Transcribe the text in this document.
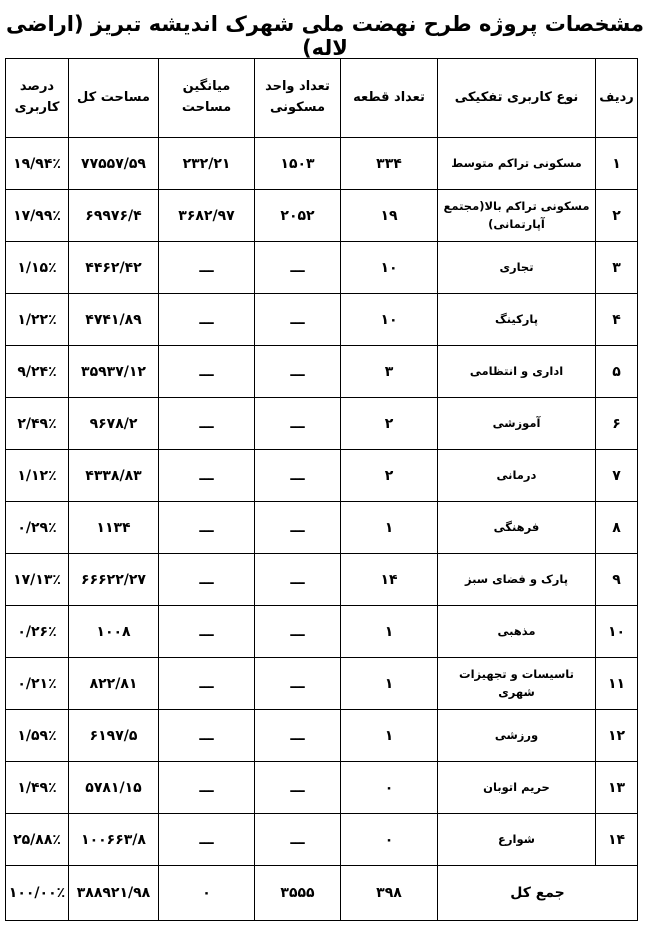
مشخصات پروژه طرح نهضت ملی شهرک اندیشه تبریز (اراضی لاله)
ردیف	نوع کاربری تفکیکی	تعداد قطعه	تعداد واحد مسکونی	میانگین مساحت	مساحت کل	درصد کاربری
۱	مسکونی تراکم متوسط	۳۳۴	۱۵۰۳	۲۳۲/۲۱	۷۷۵۵۷/۵۹	۱۹/۹۴٪
۲	مسکونی تراکم بالا(مجتمع آپارتمانی)	۱۹	۲۰۵۲	۳۶۸۲/۹۷	۶۹۹۷۶/۴	۱۷/۹۹٪
۳	تجاری	۱۰	ـــ	ـــ	۴۴۶۲/۴۲	۱/۱۵٪
۴	پارکینگ	۱۰	ـــ	ـــ	۴۷۴۱/۸۹	۱/۲۲٪
۵	اداری و انتظامی	۳	ـــ	ـــ	۳۵۹۳۷/۱۲	۹/۲۴٪
۶	آموزشی	۲	ـــ	ـــ	۹۶۷۸/۲	۲/۴۹٪
۷	درمانی	۲	ـــ	ـــ	۴۳۳۸/۸۳	۱/۱۲٪
۸	فرهنگی	۱	ـــ	ـــ	۱۱۳۴	۰/۲۹٪
۹	پارک و فضای سبز	۱۴	ـــ	ـــ	۶۶۶۲۲/۲۷	۱۷/۱۳٪
۱۰	مذهبی	۱	ـــ	ـــ	۱۰۰۸	۰/۲۶٪
۱۱	تاسیسات و تجهیزات شهری	۱	ـــ	ـــ	۸۲۲/۸۱	۰/۲۱٪
۱۲	ورزشی	۱	ـــ	ـــ	۶۱۹۷/۵	۱/۵۹٪
۱۳	حریم اتوبان	۰	ـــ	ـــ	۵۷۸۱/۱۵	۱/۴۹٪
۱۴	شوارع	۰	ـــ	ـــ	۱۰۰۶۶۳/۸	۲۵/۸۸٪
جمع کل		۳۹۸	۳۵۵۵	۰	۳۸۸۹۲۱/۹۸	۱۰۰/۰۰٪
